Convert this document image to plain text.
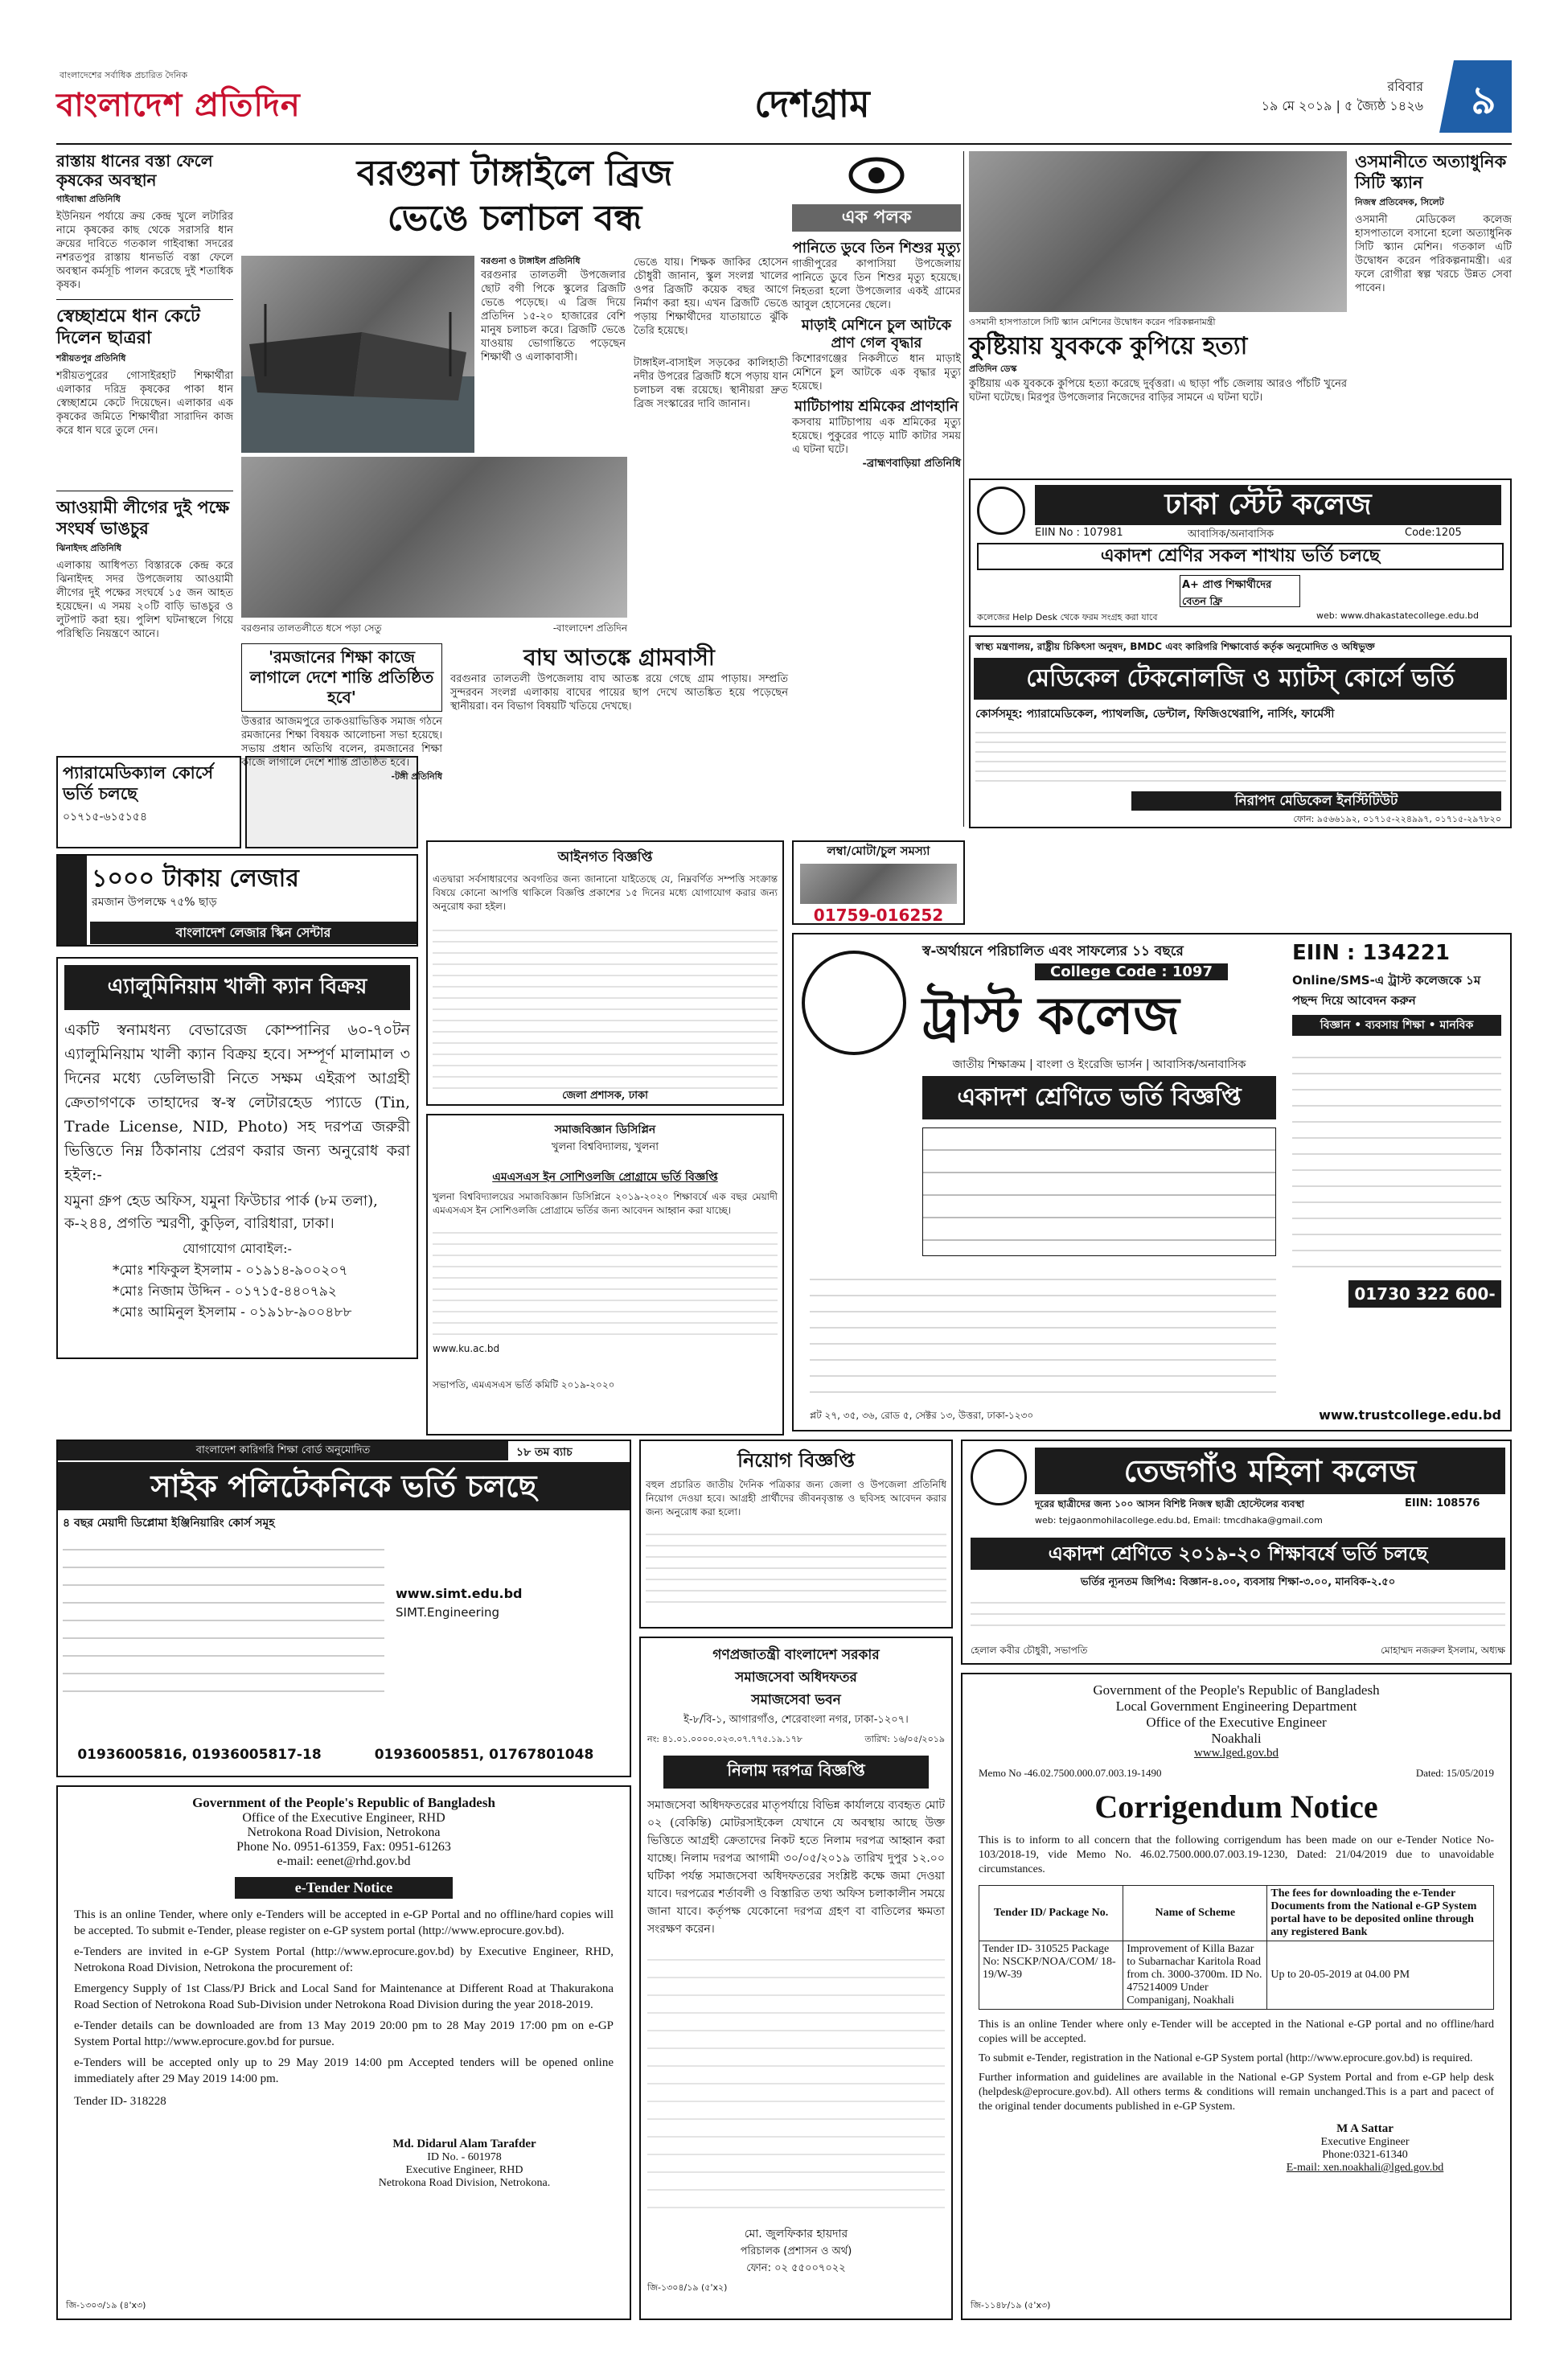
বাংলাদেশের সর্বাধিক প্রচারিত দৈনিক
বাংলাদেশ প্রতিদিন	দেশগ্রাম	রবিবার
১৯ মে ২০১৯ | ৫ জ্যৈষ্ঠ ১৪২৬	৯
রাস্তায় ধানের বস্তা ফেলে কৃষকের অবস্থান
গাইবান্ধা প্রতিনিধি
ইউনিয়ন পর্যায়ে ক্রয় কেন্দ্র খুলে লটারির নামে কৃষকের কাছ থেকে সরাসরি ধান ক্রয়ের দাবিতে গতকাল গাইবান্ধা সদরের নশরতপুর রাস্তায় ধানভর্তি বস্তা ফেলে অবস্থান কর্মসূচি পালন করেছে দুই শতাধিক কৃষক।
স্বেচ্ছাশ্রমে ধান কেটে দিলেন ছাত্ররা
শরীয়তপুর প্রতিনিধি
শরীয়তপুরের গোসাইরহাট শিক্ষার্থীরা এলাকার দরিদ্র কৃষকের পাকা ধান স্বেচ্ছাশ্রমে কেটে দিয়েছেন। এলাকার এক কৃষকের জমিতে শিক্ষার্থীরা সারাদিন কাজ করে ধান ঘরে তুলে দেন।
আওয়ামী লীগের দুই পক্ষে সংঘর্ষ ভাঙচুর
ঝিনাইদহ প্রতিনিধি
এলাকায় আধিপত্য বিস্তারকে কেন্দ্র করে ঝিনাইদহ সদর উপজেলায় আওয়ামী লীগের দুই পক্ষের সংঘর্ষে ১৫ জন আহত হয়েছেন। এ সময় ২০টি বাড়ি ভাঙচুর ও লুটপাট করা হয়। পুলিশ ঘটনাস্থলে গিয়ে পরিস্থিতি নিয়ন্ত্রণে আনে।
প্যারামেডিক্যাল কোর্সে ভর্তি চলছে
০১৭১৫-৬১৫১৫৪
১০০০ টাকায় লেজার
রমজান উপলক্ষে ৭৫% ছাড়
বাংলাদেশ লেজার স্কিন সেন্টার
এ্যালুমিনিয়াম খালী ক্যান বিক্রয়
একটি স্বনামধন্য বেভারেজ কোম্পানির ৬০-৭০টন এ্যালুমিনিয়াম খালী ক্যান বিক্রয় হবে। সম্পূর্ণ মালামাল ৩ দিনের মধ্যে ডেলিভারী নিতে সক্ষম এইরূপ আগ্রহী ক্রেতাগণকে তাহাদের স্ব-স্ব লেটারহেড প্যাডে (Tin, Trade License, NID, Photo) সহ দরপত্র জরুরী ভিত্তিতে নিম্ন ঠিকানায় প্রেরণ করার জন্য অনুরোধ করা হইল:-
যমুনা গ্রুপ হেড অফিস, যমুনা ফিউচার পার্ক (৮ম তলা), ক-২৪৪, প্রগতি স্মরণী, কুড়িল, বারিধারা, ঢাকা।
যোগাযোগ মোবাইল:-
*মোঃ শফিকুল ইসলাম - ০১৯১৪-৯০০২০৭
*মোঃ নিজাম উদ্দিন - ০১৭১৫-৪৪০৭৯২
*মোঃ আমিনুল ইসলাম - ০১৯১৮-৯০০৪৮৮
বরগুনা টাঙ্গাইলে ব্রিজ
ভেঙে চলাচল বন্ধ
বরগুনা ও টাঙ্গাইল প্রতিনিধি
বরগুনার তালতলী উপজেলার ছোট বগী পিকে স্কুলের ব্রিজটি ভেঙে পড়েছে। এ ব্রিজ দিয়ে প্রতিদিন ১৫-২০ হাজারের বেশি মানুষ চলাচল করে। ব্রিজটি ভেঙে যাওয়ায় ভোগান্তিতে পড়েছেন শিক্ষার্থী ও এলাকাবাসী।
ভেঙে যায়। শিক্ষক জাকির হোসেন চৌধুরী জানান, স্কুল সংলগ্ন খালের ওপর ব্রিজটি কয়েক বছর আগে নির্মাণ করা হয়। এখন ব্রিজটি ভেঙে পড়ায় শিক্ষার্থীদের যাতায়াতে ঝুঁকি তৈরি হয়েছে।
টাঙ্গাইল-বাসাইল সড়কের কালিহাতী নদীর উপরের ব্রিজটি ধসে পড়ায় যান চলাচল বন্ধ রয়েছে। স্থানীয়রা দ্রুত ব্রিজ সংস্কারের দাবি জানান।
বরগুনার তালতলীতে ধসে পড়া সেতু	-বাংলাদেশ প্রতিদিন
বাঘ আতঙ্কে গ্রামবাসী
বরগুনার তালতলী উপজেলায় বাঘ আতঙ্ক রয়ে গেছে গ্রাম পাড়ায়। সম্প্রতি সুন্দরবন সংলগ্ন এলাকায় বাঘের পায়ের ছাপ দেখে আতঙ্কিত হয়ে পড়েছেন স্থানীয়রা। বন বিভাগ বিষয়টি খতিয়ে দেখছে।
'রমজানের শিক্ষা কাজে লাগালে দেশে শান্তি প্রতিষ্ঠিত হবে'
উত্তরার আজমপুরে তাকওয়াভিত্তিক সমাজ গঠনে রমজানের শিক্ষা বিষয়ক আলোচনা সভা হয়েছে। সভায় প্রধান অতিথি বলেন, রমজানের শিক্ষা কাজে লাগালে দেশে শান্তি প্রতিষ্ঠিত হবে।
-টঙ্গী প্রতিনিধি
এক পলক
পানিতে ডুবে তিন শিশুর মৃত্যু
গাজীপুরের কাপাসিয়া উপজেলায় পানিতে ডুবে তিন শিশুর মৃত্যু হয়েছে। নিহতরা হলো উপজেলার একই গ্রামের আবুল হোসেনের ছেলে।
মাড়াই মেশিনে চুল আটকে প্রাণ গেল বৃদ্ধার
কিশোরগঞ্জের নিকলীতে ধান মাড়াই মেশিনে চুল আটকে এক বৃদ্ধার মৃত্যু হয়েছে।
মাটিচাপায় শ্রমিকের প্রাণহানি
কসবায় মাটিচাপায় এক শ্রমিকের মৃত্যু হয়েছে। পুকুরের পাড়ে মাটি কাটার সময় এ ঘটনা ঘটে।
-ব্রাহ্মণবাড়িয়া প্রতিনিধি
ওসমানী হাসপাতালে সিটি স্ক্যান মেশিনের উদ্বোধন করেন পরিকল্পনামন্ত্রী
কুষ্টিয়ায় যুবককে কুপিয়ে হত্যা
প্রতিদিন ডেস্ক
কুষ্টিয়ায় এক যুবককে কুপিয়ে হত্যা করেছে দুর্বৃত্তরা। এ ছাড়া পাঁচ জেলায় আরও পাঁচটি খুনের ঘটনা ঘটেছে। মিরপুর উপজেলার নিজেদের বাড়ির সামনে এ ঘটনা ঘটে।
ওসমানীতে অত্যাধুনিক সিটি স্ক্যান
নিজস্ব প্রতিবেদক, সিলেট
ওসমানী মেডিকেল কলেজ হাসপাতালে বসানো হলো অত্যাধুনিক সিটি স্ক্যান মেশিন। গতকাল এটি উদ্বোধন করেন পরিকল্পনামন্ত্রী। এর ফলে রোগীরা স্বল্প খরচে উন্নত সেবা পাবেন।
ঢাকা স্টেট কলেজ
EIIN No : 107981	আবাসিক/অনাবাসিক	Code:1205
একাদশ শ্রেণির সকল শাখায় ভর্তি চলছে
A+ প্রাপ্ত শিক্ষার্থীদের বেতন ফ্রি
কলেজের Help Desk থেকে ফরম সংগ্রহ করা যাবে	web: www.dhakastatecollege.edu.bd
স্বাস্থ্য মন্ত্রণালয়, রাষ্ট্রীয় চিকিৎসা অনুষদ, BMDC এবং কারিগরি শিক্ষাবোর্ড কর্তৃক অনুমোদিত ও অধিভুক্ত
মেডিকেল টেকনোলজি ও ম্যাটস্ কোর্সে ভর্তি
কোর্সসমূহ: প্যারামেডিকেল, প্যাথলজি, ডেন্টাল, ফিজিওথেরাপি, নার্সিং, ফার্মেসী
নিরাপদ মেডিকেল ইনস্টিটিউট
ফোন: ৯৫৬৬১৯২, ০১৭১৫-২২৪৯৯৭, ০১৭১৫-২৯৭৮২০
আইনগত বিজ্ঞপ্তি
এতদ্বারা সর্বসাধারণের অবগতির জন্য জানানো যাইতেছে যে, নিম্নবর্ণিত সম্পত্তি সংক্রান্ত বিষয়ে কোনো আপত্তি থাকিলে বিজ্ঞপ্তি প্রকাশের ১৫ দিনের মধ্যে যোগাযোগ করার জন্য অনুরোধ করা হইল।
জেলা প্রশাসক, ঢাকা
সমাজবিজ্ঞান ডিসিপ্লিন
খুলনা বিশ্ববিদ্যালয়, খুলনা
এমএসএস ইন সোশিওলজি প্রোগ্রামে ভর্তি বিজ্ঞপ্তি
খুলনা বিশ্ববিদ্যালয়ের সমাজবিজ্ঞান ডিসিপ্লিনে ২০১৯-২০২০ শিক্ষাবর্ষে এক বছর মেয়াদী এমএসএস ইন সোশিওলজি প্রোগ্রামে ভর্তির জন্য আবেদন আহ্বান করা যাচ্ছে।
www.ku.ac.bd
সভাপতি, এমএসএস ভর্তি কমিটি ২০১৯-২০২০
লম্বা/মোটা/চুল সমস্যা
01759-016252
স্ব-অর্থায়নে পরিচালিত এবং সাফল্যের ১১ বছরে
College Code : 1097
ট্রাস্ট কলেজ
EIIN : 134221
Online/SMS-এ ট্রাস্ট কলেজকে ১ম পছন্দ দিয়ে আবেদন করুন
জাতীয় শিক্ষাক্রম | বাংলা ও ইংরেজি ভার্সন | আবাসিক/অনাবাসিক
একাদশ শ্রেণিতে ভর্তি বিজ্ঞপ্তি
বিজ্ঞান • ব্যবসায় শিক্ষা • মানবিক
01730 322 600-11
প্লট ২৭, ৩৫, ৩৬, রোড ৫, সেক্টর ১৩, উত্তরা, ঢাকা-১২৩০	www.trustcollege.edu.bd
বাংলাদেশ কারিগরি শিক্ষা বোর্ড অনুমোদিত	১৮ তম ব্যাচ
সাইক পলিটেকনিকে ভর্তি চলছে
৪ বছর মেয়াদী ডিপ্লোমা ইঞ্জিনিয়ারিং কোর্স সমূহ
www.simt.edu.bd
SIMT.Engineering
01936005816, 01936005817-18	01936005851, 01767801048
নিয়োগ বিজ্ঞপ্তি
বহুল প্রচারিত জাতীয় দৈনিক পত্রিকার জন্য জেলা ও উপজেলা প্রতিনিধি নিয়োগ দেওয়া হবে। আগ্রহী প্রার্থীদের জীবনবৃত্তান্ত ও ছবিসহ আবেদন করার জন্য অনুরোধ করা হলো।
তেজগাঁও মহিলা কলেজ
দূরের ছাত্রীদের জন্য ১০০ আসন বিশিষ্ট নিজস্ব ছাত্রী হোস্টেলের ব্যবস্থা	EIIN: 108576
web: tejgaonmohilacollege.edu.bd, Email: tmcdhaka@gmail.com
একাদশ শ্রেণিতে ২০১৯-২০ শিক্ষাবর্ষে ভর্তি চলছে
ভর্তির ন্যূনতম জিপিএ: বিজ্ঞান-৪.০০, ব্যবসায় শিক্ষা-৩.০০, মানবিক-২.৫০
হেলাল কবীর চৌধুরী, সভাপতি	মোহাম্মদ নজরুল ইসলাম, অধ্যক্ষ
গণপ্রজাতন্ত্রী বাংলাদেশ সরকার
সমাজসেবা অধিদফতর
সমাজসেবা ভবন
ই-৮/বি-১, আগারগাঁও, শেরেবাংলা নগর, ঢাকা-১২০৭।
নং: ৪১.০১.০০০০.০২৩.০৭.৭৭৫.১৯.১৭৮	তারিখ: ১৬/০৫/২০১৯
নিলাম দরপত্র বিজ্ঞপ্তি
সমাজসেবা অধিদফতরের মাতৃপর্যায়ে বিভিন্ন কার্যালয়ে ব্যবহৃত মোট ০২ (বেকিন্তি) মোটরসাইকেল যেখানে যে অবস্থায় আছে উক্ত ভিত্তিতে আগ্রহী ক্রেতাদের নিকট হতে নিলাম দরপত্র আহ্বান করা যাচ্ছে। নিলাম দরপত্র আগামী ৩০/০৫/২০১৯ তারিখ দুপুর ১২.০০ ঘটিকা পর্যন্ত সমাজসেবা অধিদফতরের সংশ্লিষ্ট কক্ষে জমা দেওয়া যাবে। দরপত্রের শর্তাবলী ও বিস্তারিত তথ্য অফিস চলাকালীন সময়ে জানা যাবে। কর্তৃপক্ষ যেকোনো দরপত্র গ্রহণ বা বাতিলের ক্ষমতা সংরক্ষণ করেন।
মো. জুলফিকার হায়দার
পরিচালক (প্রশাসন ও অর্থ)
ফোন: ০২ ৫৫০০৭০২২
জি-১৩০৪/১৯ (৫'x২)
Government of the People's Republic of Bangladesh
Office of the Executive Engineer, RHD
Netrokona Road Division, Netrokona
Phone No. 0951-61359, Fax: 0951-61263
e-mail: eenet@rhd.gov.bd
e-Tender Notice
This is an online Tender, where only e-Tenders will be accepted in e-GP Portal and no offline/hard copies will be accepted. To submit e-Tender, please register on e-GP system portal (http://www.eprocure.gov.bd).
e-Tenders are invited in e-GP System Portal (http://www.eprocure.gov.bd) by Executive Engineer, RHD, Netrokona Road Division, Netrokona the procurement of:
Emergency Supply of 1st Class/PJ Brick and Local Sand for Maintenance at Different Road at Thakurakona Road Section of Netrokona Road Sub-Division under Netrokona Road Division during the year 2018-2019.
e-Tender details can be downloaded are from 13 May 2019 20:00 pm to 28 May 2019 17:00 pm on e-GP System Portal http://www.eprocure.gov.bd for pursue.
e-Tenders will be accepted only up to 29 May 2019 14:00 pm Accepted tenders will be opened online immediately after 29 May 2019 14:00 pm.
Tender ID- 318228
Md. Didarul Alam Tarafder
ID No. - 601978
Executive Engineer, RHD
Netrokona Road Division, Netrokona.
জি-১৩০৩/১৯ (৪'x৩)
Government of the People's Republic of Bangladesh
Local Government Engineering Department
Office of the Executive Engineer
Noakhali
www.lged.gov.bd
Memo No -46.02.7500.000.07.003.19-1490	Dated: 15/05/2019
Corrigendum Notice
This is to inform to all concern that the following corrigendum has been made on our e-Tender Notice No-103/2018-19, vide Memo No. 46.02.7500.000.07.003.19-1230, Dated: 21/04/2019 due to unavoidable circumstances.
Tender ID/ Package No.	Name of Scheme	The fees for downloading the e-Tender Documents from the National e-GP System portal have to be deposited online through any registered Bank
Tender ID- 310525 Package No: NSCKP/NOA/COM/ 18- 19/W-39	Improvement of Killa Bazar to Subarnachar Karitola Road from ch. 3000-3700m. ID No. 475214009 Under Companiganj, Noakhali	Up to 20-05-2019 at 04.00 PM
This is an online Tender where only e-Tender will be accepted in the National e-GP portal and no offline/hard copies will be accepted.
To submit e-Tender, registration in the National e-GP System portal (http://www.eprocure.gov.bd) is required.
Further information and guidelines are available in the National e-GP System Portal and from e-GP help desk (helpdesk@eprocure.gov.bd). All others terms & conditions will remain unchanged.This is a part and pacect of the original tender documents published in e-GP System.
M A Sattar
Executive Engineer
Phone:0321-61340
E-mail: xen.noakhali@lged.gov.bd
জি-১১৪৮/১৯ (৫'x৩)
